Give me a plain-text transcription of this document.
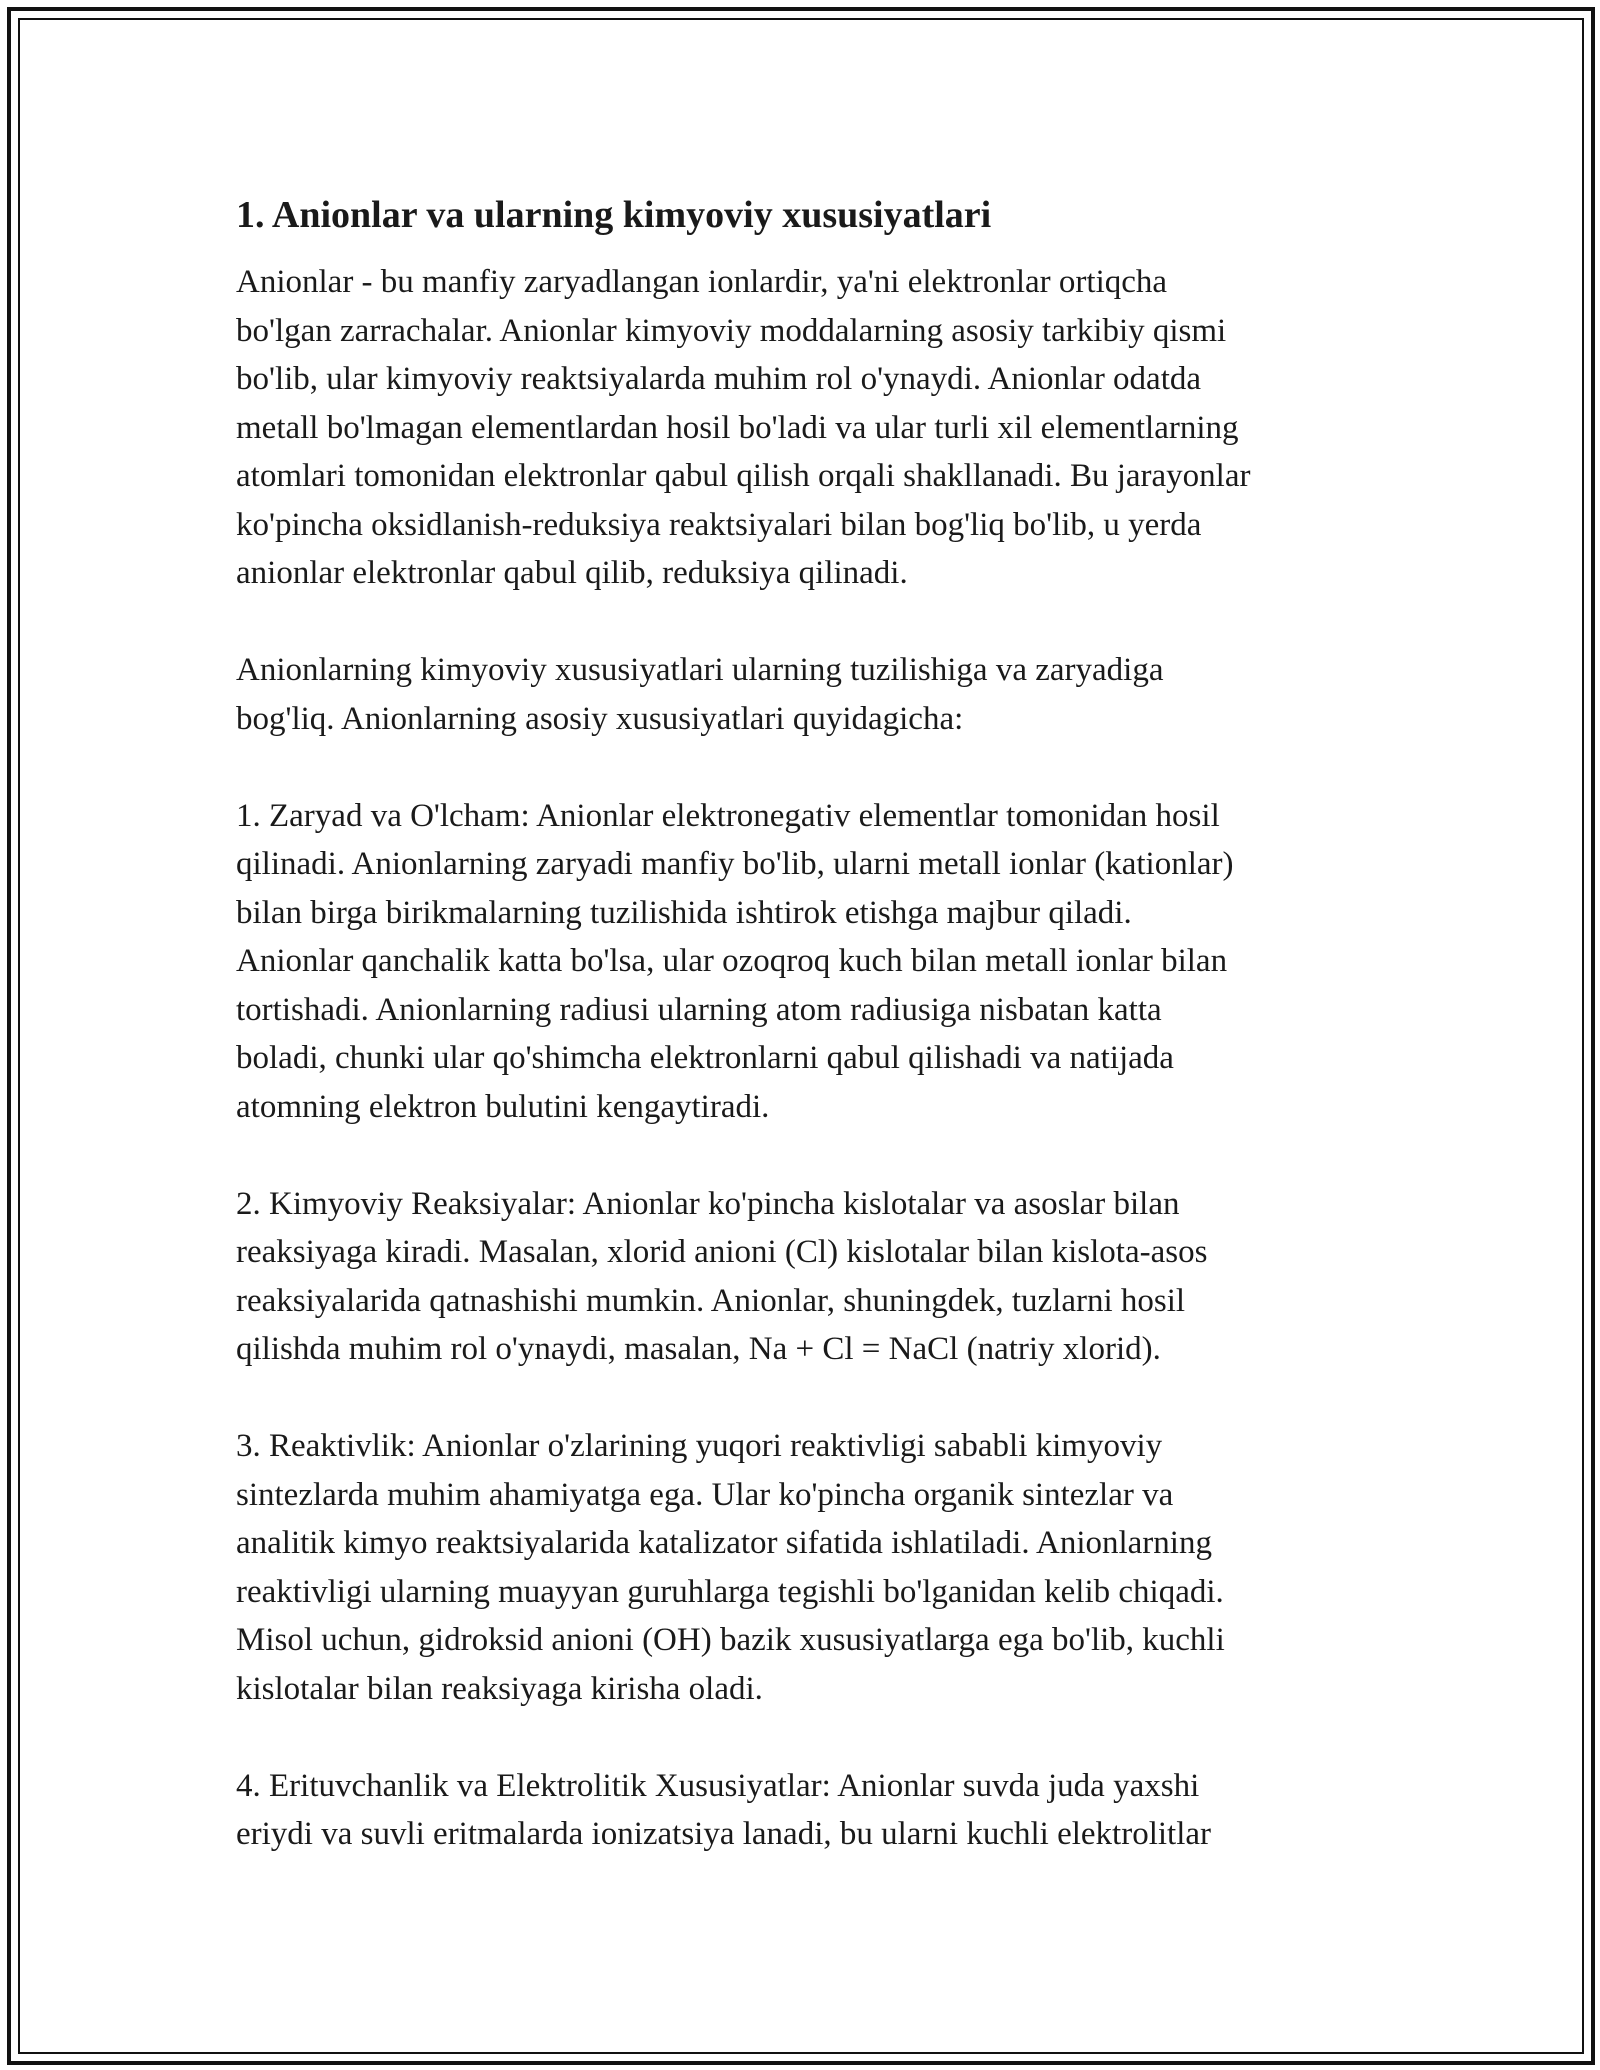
1. Anionlar va ularning kimyoviy xususiyatlari

Anionlar - bu manfiy zaryadlangan ionlardir, ya'ni elektronlar ortiqcha
bo'lgan zarrachalar. Anionlar kimyoviy moddalarning asosiy tarkibiy qismi
bo'lib, ular kimyoviy reaktsiyalarda muhim rol o'ynaydi. Anionlar odatda
metall bo'lmagan elementlardan hosil bo'ladi va ular turli xil elementlarning
atomlari tomonidan elektronlar qabul qilish orqali shakllanadi. Bu jarayonlar
ko'pincha oksidlanish-reduksiya reaktsiyalari bilan bog'liq bo'lib, u yerda
anionlar elektronlar qabul qilib, reduksiya qilinadi.

Anionlarning kimyoviy xususiyatlari ularning tuzilishiga va zaryadiga
bog'liq. Anionlarning asosiy xususiyatlari quyidagicha:

1. Zaryad va O'lcham: Anionlar elektronegativ elementlar tomonidan hosil
qilinadi. Anionlarning zaryadi manfiy bo'lib, ularni metall ionlar (kationlar)
bilan birga birikmalarning tuzilishida ishtirok etishga majbur qiladi.
Anionlar qanchalik katta bo'lsa, ular ozoqroq kuch bilan metall ionlar bilan
tortishadi. Anionlarning radiusi ularning atom radiusiga nisbatan katta
boladi, chunki ular qo'shimcha elektronlarni qabul qilishadi va natijada
atomning elektron bulutini kengaytiradi.

2. Kimyoviy Reaksiyalar: Anionlar ko'pincha kislotalar va asoslar bilan
reaksiyaga kiradi. Masalan, xlorid anioni (Cl) kislotalar bilan kislota-asos
reaksiyalarida qatnashishi mumkin. Anionlar, shuningdek, tuzlarni hosil
qilishda muhim rol o'ynaydi, masalan, Na + Cl = NaCl (natriy xlorid).

3. Reaktivlik: Anionlar o'zlarining yuqori reaktivligi sababli kimyoviy
sintezlarda muhim ahamiyatga ega. Ular ko'pincha organik sintezlar va
analitik kimyo reaktsiyalarida katalizator sifatida ishlatiladi. Anionlarning
reaktivligi ularning muayyan guruhlarga tegishli bo'lganidan kelib chiqadi.
Misol uchun, gidroksid anioni (OH) bazik xususiyatlarga ega bo'lib, kuchli
kislotalar bilan reaksiyaga kirisha oladi.

4. Erituvchanlik va Elektrolitik Xususiyatlar: Anionlar suvda juda yaxshi
eriydi va suvli eritmalarda ionizatsiya lanadi, bu ularni kuchli elektrolitlar
